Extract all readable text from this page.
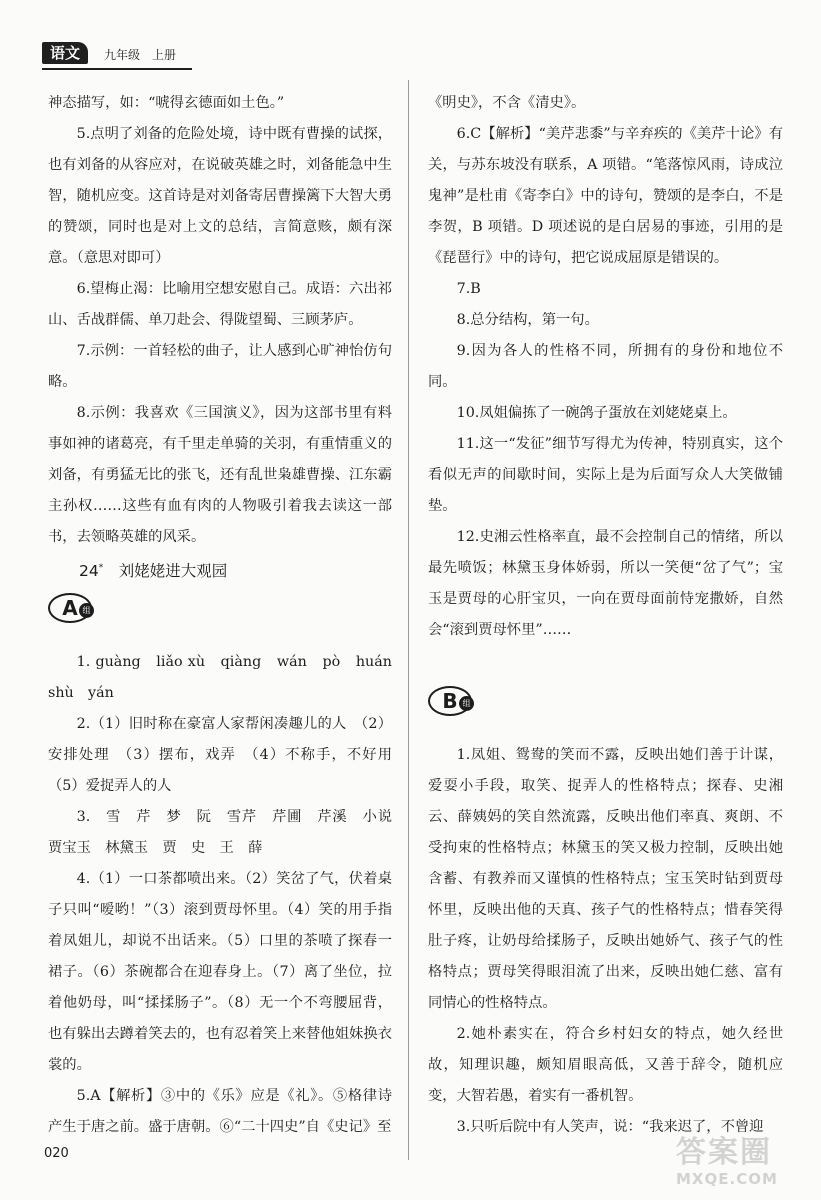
语文	九年级　上册

神态描写，如：“唬得玄德面如土色。”

5.点明了刘备的危险处境，诗中既有曹操的试探，也有刘备的从容应对，在说破英雄之时，刘备能急中生智，随机应变。这首诗是对刘备寄居曹操篱下大智大勇的赞颂，同时也是对上文的总结，言简意赅，颇有深意。（意思对即可）

6.望梅止渴：比喻用空想安慰自己。成语：六出祁山、舌战群儒、单刀赴会、得陇望蜀、三顾茅庐。

7.示例：一首轻松的曲子，让人感到心旷神怡仿句略。

8.示例：我喜欢《三国演义》，因为这部书里有料事如神的诸葛亮，有千里走单骑的关羽，有重情重义的刘备，有勇猛无比的张飞，还有乱世枭雄曹操、江东霸主孙权……这些有血有肉的人物吸引着我去读这一部书，去领略英雄的风采。

24*　 刘姥姥进大观园

A 组

1. guàng　liǎo xù　qiàng　wán　pò　huán　shù　yán

2.（1）旧时称在豪富人家帮闲凑趣儿的人　（2）安排处理　（3）摆布，戏弄　（4）不称手，不好用　（5）爱捉弄人的人

3.　雪　芹　梦　阮　雪芹　芹圃　芹溪　小说　贾宝玉　林黛玉　贾　史　王　薛

4.（1）一口茶都喷出来。（2）笑岔了气，伏着桌子只叫“嗳哟！”（3）滚到贾母怀里。（4）笑的用手指着凤姐儿，却说不出话来。（5）口里的茶喷了探春一裙子。（6）茶碗都合在迎春身上。（7）离了坐位，拉着他奶母，叫“揉揉肠子”。（8）无一个不弯腰屈背，也有躲出去蹲着笑去的，也有忍着笑上来替他姐妹换衣裳的。

5.A【解析】③中的《乐》应是《礼》。⑤格律诗产生于唐之前。盛于唐朝。⑥“二十四史”自《史记》至

《明史》，不含《清史》。

6.C【解析】“美芹悲黍”与辛弃疾的《美芹十论》有关，与苏东坡没有联系，A 项错。“笔落惊风雨，诗成泣鬼神”是杜甫《寄李白》中的诗句，赞颂的是李白，不是李贺，B 项错。D 项述说的是白居易的事迹，引用的是《琵琶行》中的诗句，把它说成屈原是错误的。

7.B

8.总分结构，第一句。

9.因为各人的性格不同，所拥有的身份和地位不同。

10.凤姐偏拣了一碗鸽子蛋放在刘姥姥桌上。

11.这一“发征”细节写得尤为传神，特别真实，这个看似无声的间歇时间，实际上是为后面写众人大笑做铺垫。

12.史湘云性格率直，最不会控制自己的情绪，所以最先喷饭；林黛玉身体娇弱，所以一笑便“岔了气”；宝玉是贾母的心肝宝贝，一向在贾母面前恃宠撒娇，自然会“滚到贾母怀里”……

B 组

1.凤姐、鸳鸯的笑而不露，反映出她们善于计谋，爱耍小手段，取笑、捉弄人的性格特点；探春、史湘云、薛姨妈的笑自然流露，反映出他们率真、爽朗、不受拘束的性格特点；林黛玉的笑又极力控制，反映出她含蓄、有教养而又谨慎的性格特点；宝玉笑时钻到贾母怀里，反映出他的天真、孩子气的性格特点；惜春笑得肚子疼，让奶母给揉肠子，反映出她娇气、孩子气的性格特点；贾母笑得眼泪流了出来，反映出她仁慈、富有同情心的性格特点。

2.她朴素实在，符合乡村妇女的特点，她久经世故，知理识趣，颇知眉眼高低，又善于辞令，随机应变，大智若愚，着实有一番机智。

3.只听后院中有人笑声，说：“我来迟了，不曾迎

020	答案圈
MXQE.COM
